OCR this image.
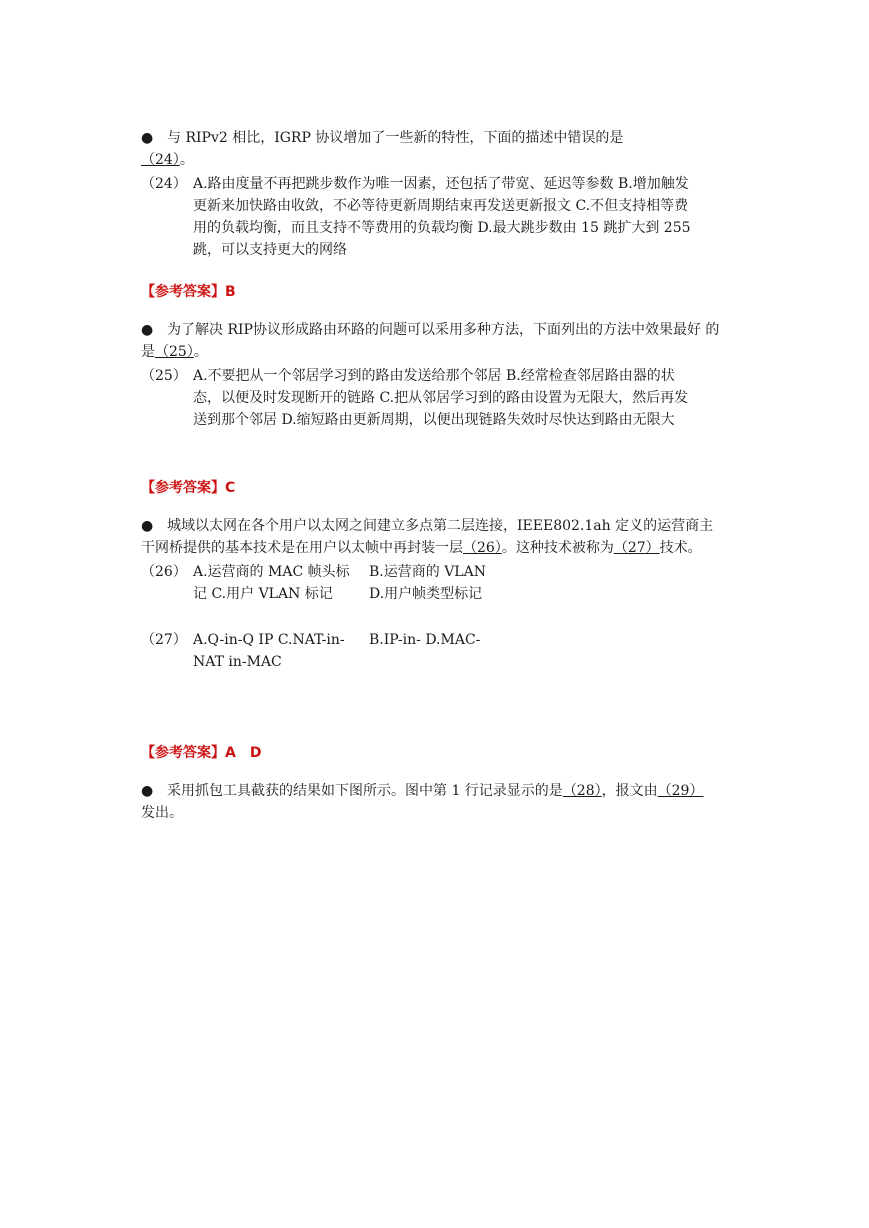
● 与 RIPv2 相比，IGRP 协议增加了一些新的特性，下面的描述中错误的是

（24）。

（24） A.路由度量不再把跳步数作为唯一因素，还包括了带宽、延迟等参数 B.增加触发更新来加快路由收敛，不必等待更新周期结束再发送更新报文 C.不但支持相等费用的负载均衡，而且支持不等费用的负载均衡 D.最大跳步数由 15 跳扩大到 255 跳，可以支持更大的网络
【参考答案】B

● 为了解决 RIP协议形成路由环路的问题可以采用多种方法，下面列出的方法中效果最好 的是（25）。

（25） A.不要把从一个邻居学习到的路由发送给那个邻居 B.经常检查邻居路由器的状态，以便及时发现断开的链路 C.把从邻居学习到的路由设置为无限大，然后再发送到那个邻居 D.缩短路由更新周期，以便出现链路失效时尽快达到路由无限大
【参考答案】C

● 城域以太网在各个用户以太网之间建立多点第二层连接，IEEE802.1ah 定义的运营商主 干网桥提供的基本技术是在用户以太帧中再封装一层（26）。这种技术被称为（27）技术。

（26） A.运营商的 MAC 帧头标记 C.用户 VLAN 标记
B.运营商的 VLAN D.用户帧类型标记
（27） A.Q-in-Q IP C.NAT-in-NAT in-MAC
B.IP-in- D.MAC-
【参考答案】A　D

● 采用抓包工具截获的结果如下图所示。图中第 1 行记录显示的是（28），报文由（29） 发出。
